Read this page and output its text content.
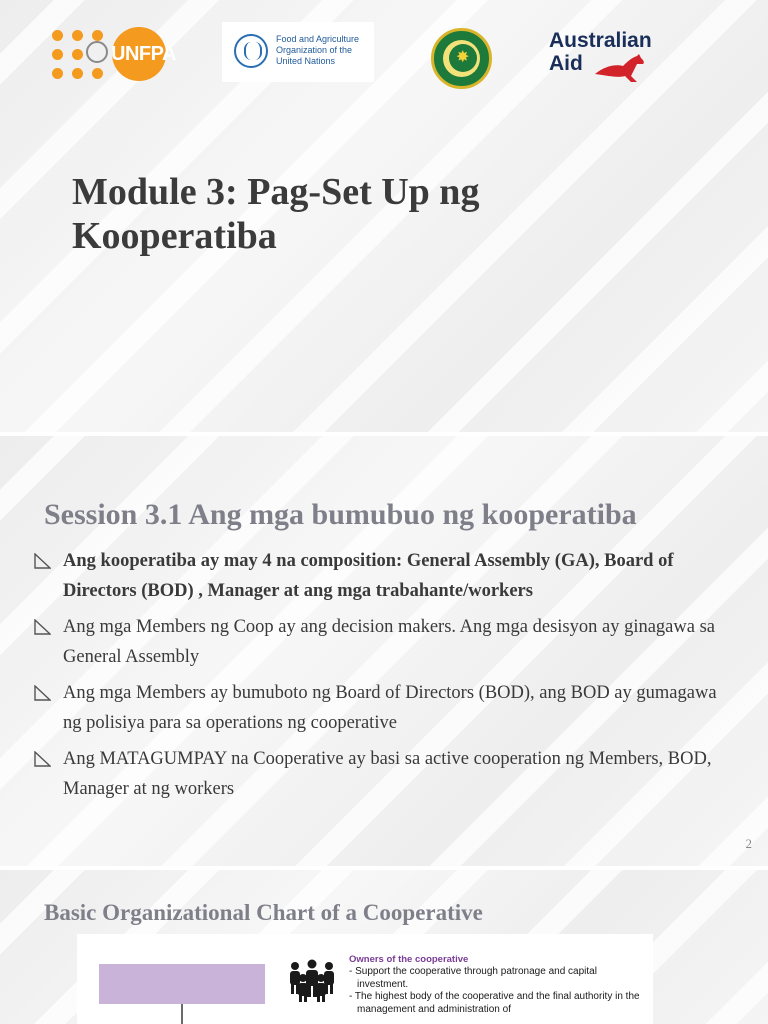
UNFPA
Food and Agriculture
Organization of the
United Nations	✸
Australian
Aid
Module 3: Pag-Set Up ng
Kooperatiba
Session 3.1 Ang mga bumubuo ng kooperatiba
Ang kooperatiba ay may 4 na composition: General Assembly (GA), Board of Directors (BOD) , Manager at ang mga trabahante/workers
Ang mga Members ng Coop ay ang decision makers. Ang mga desisyon ay ginagawa sa General Assembly
Ang mga Members ay bumuboto ng Board of Directors (BOD), ang BOD ay gumagawa ng polisiya para sa operations ng cooperative
Ang MATAGUMPAY na Cooperative ay basi sa active cooperation ng Members, BOD, Manager at ng workers
2
Basic Organizational Chart of a Cooperative
Owners of the cooperative
- Support the cooperative through patronage and capital investment.
- The highest body of the cooperative and the final authority in the management and administration of
